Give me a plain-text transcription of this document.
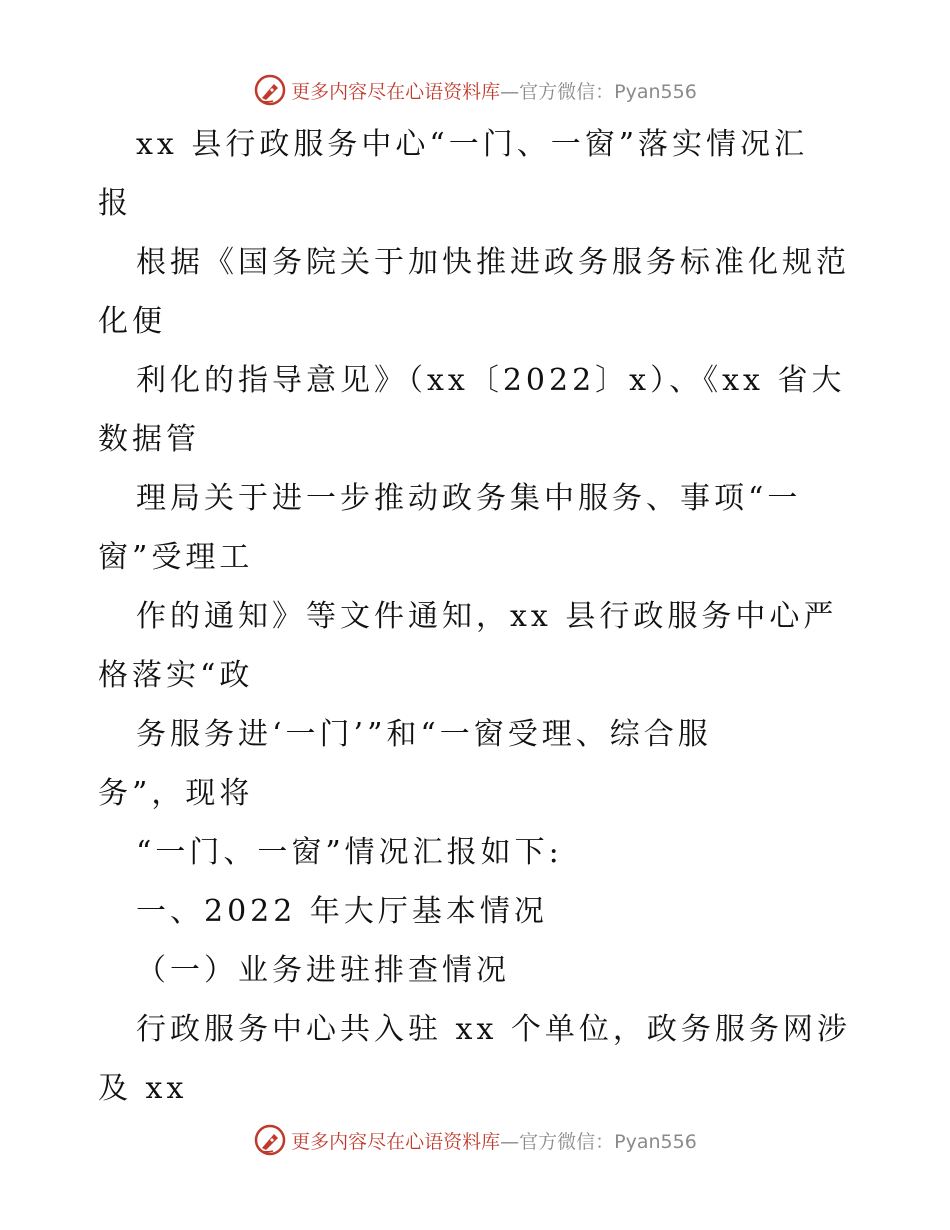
更多内容尽在心语资料库—官方微信：Pyan556
xx 县行政服务中心“一门、一窗”落实情况汇
报
根据《国务院关于加快推进政务服务标准化规范
化便
利化的指导意见》（xx〔2022〕x）、《xx 省大
数据管
理局关于进一步推动政务集中服务、事项“一
窗”受理工
作的通知》等文件通知，xx 县行政服务中心严
格落实“政
务服务进‘一门’”和“一窗受理、综合服
务”，现将
“一门、一窗”情况汇报如下:
一、2022 年大厅基本情况
（一）业务进驻排查情况
行政服务中心共入驻 xx 个单位，政务服务网涉
及 xx
更多内容尽在心语资料库—官方微信：Pyan556
